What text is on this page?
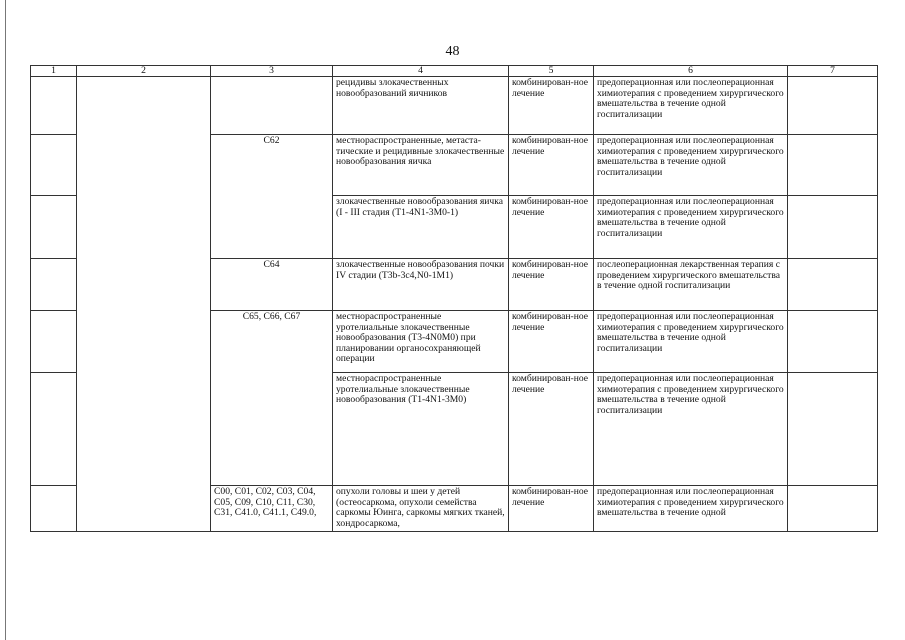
48
1	2	3	4	5	6	7
			рецидивы злокачественных новообразований яичников	комбинирован-ное лечение	предоперационная или послеоперационная химиотерапия с проведением хирургического вмешательства в течение одной госпитализации	
		C62	местнораспространенные, метаста-тические и рецидивные злокачественные новообразования яичка	комбинирован-ное лечение	предоперационная или послеоперационная химиотерапия с проведением хирургического вмешательства в течение одной госпитализации	
			злокачественные новообразования яичка (I - III стадия (T1-4N1-3M0-1)	комбинирован-ное лечение	предоперационная или послеоперационная химиотерапия с проведением хирургического вмешательства в течение одной госпитализации	
		C64	злокачественные новообразования почки IV стадии (T3b-3c4,N0-1M1)	комбинирован-ное лечение	послеоперационная лекарственная терапия с проведением хирургического вмешательства в течение одной госпитализации	
		C65, C66, C67	местнораспространенные уротелиальные злокачественные новообразования (T3-4N0M0) при планировании органосохраняющей операции	комбинирован-ное лечение	предоперационная или послеоперационная химиотерапия с проведением хирургического вмешательства в течение одной госпитализации	
			местнораспространенные уротелиальные злокачественные новообразования (T1-4N1-3M0)	комбинирован-ное лечение	предоперационная или послеоперационная химиотерапия с проведением хирургического вмешательства в течение одной госпитализации	
		C00, C01, C02, C03, C04, C05, C09, C10, C11, C30, C31, C41.0, C41.1, C49.0,	опухоли головы и шеи у детей (остеосаркома, опухоли семейства саркомы Юинга, саркомы мягких тканей, хондросаркома,	комбинирован-ное лечение	предоперационная или послеоперационная химиотерапия с проведением хирургического вмешательства в течение одной	
